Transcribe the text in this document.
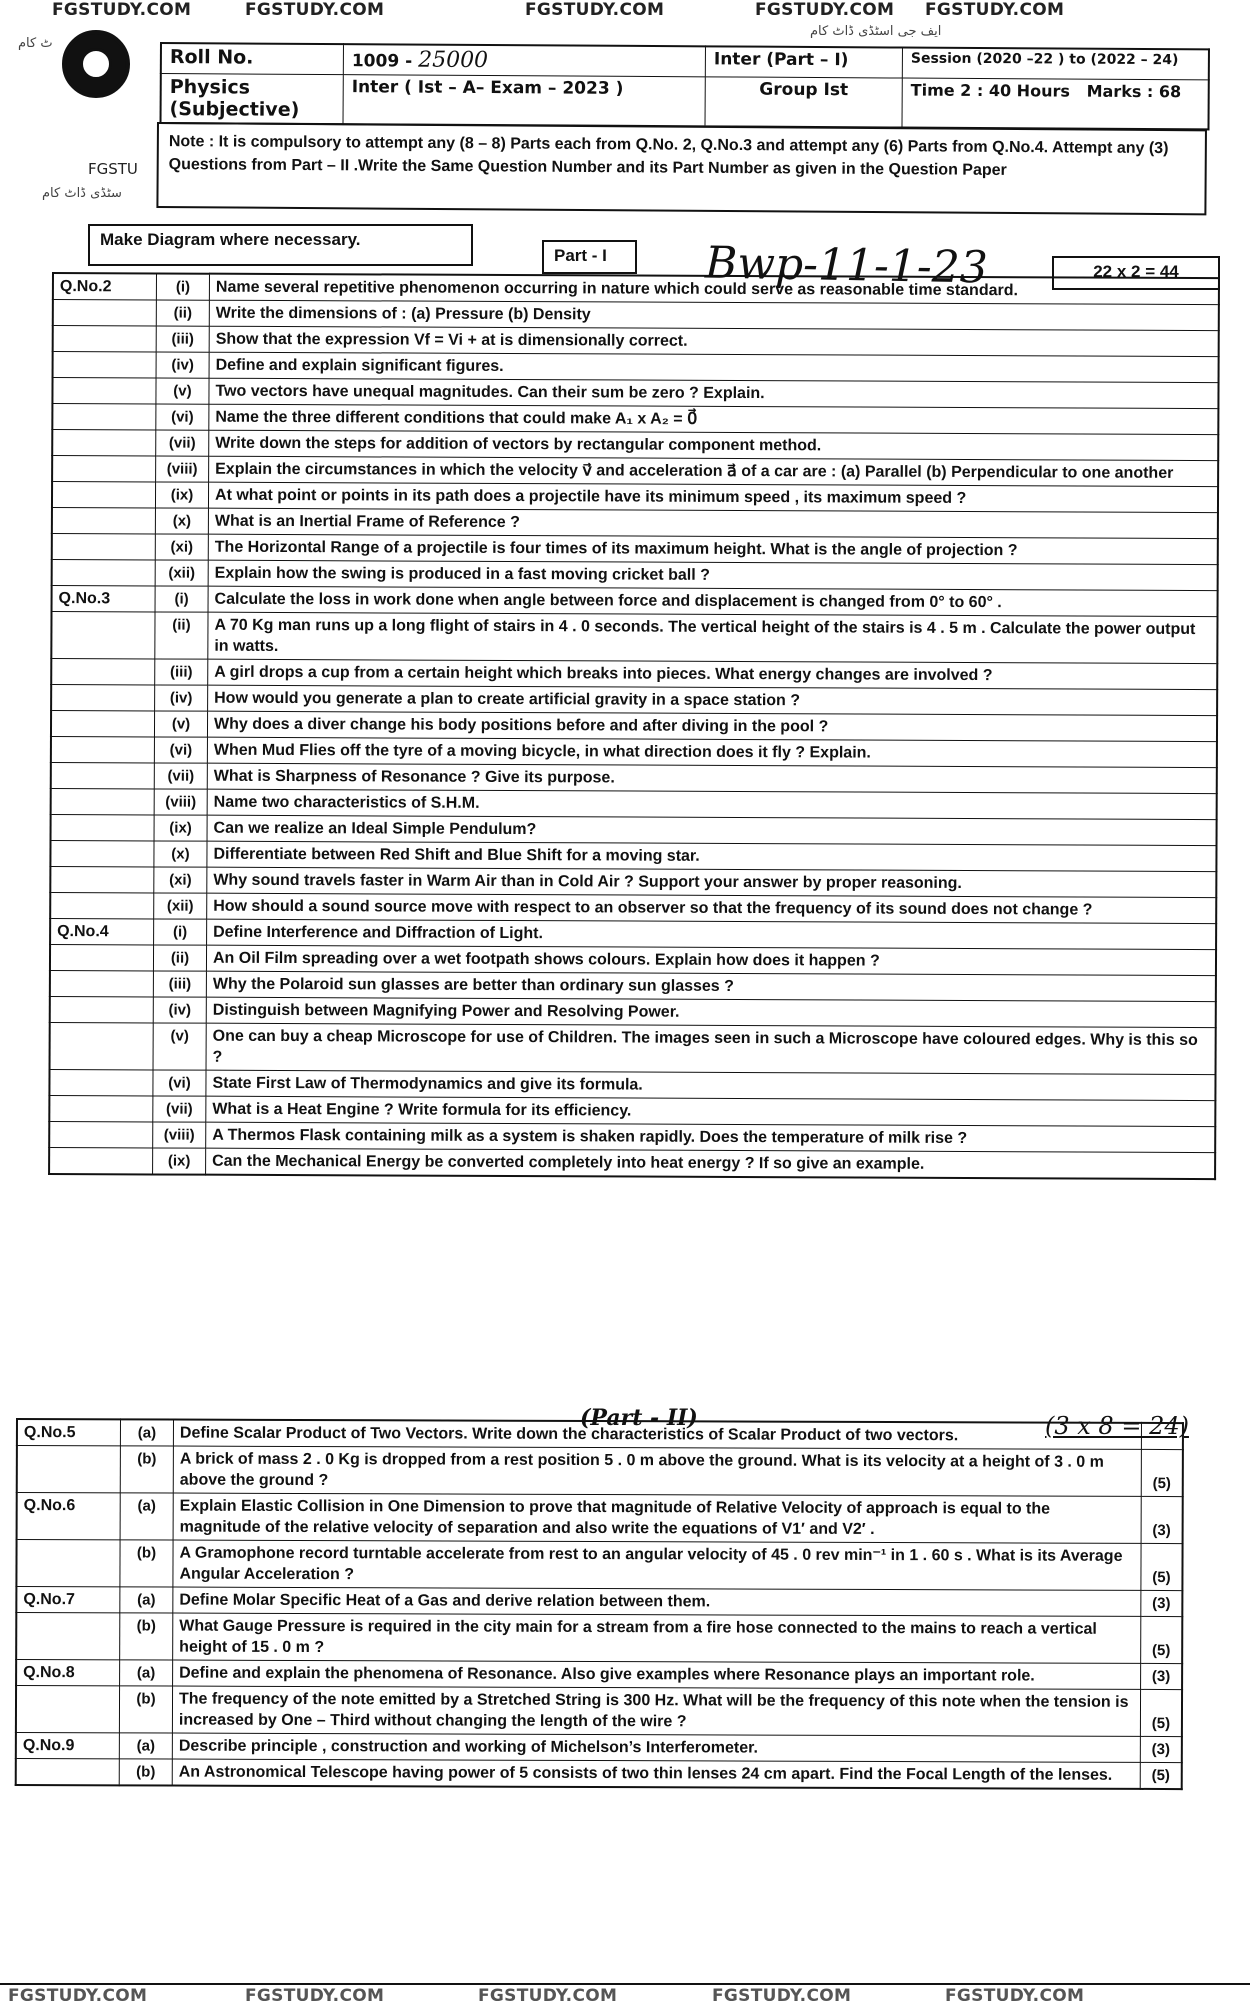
FGSTUDY.COM	FGSTUDY.COM	FGSTUDY.COM	FGSTUDY.COM FGSTUDY.COM
ایف جی اسٹڈی ڈاٹ کام
ٹ کام
Roll No.	1009 - 25000	Inter (Part – I)	Session (2020 –22 ) to (2022 – 24)

Physics
(Subjective)	Inter ( Ist – A– Exam – 2023 )	Group Ist	Time 2 : 40 Hours Marks : 68
Note : It is compulsory to attempt any (8 – 8) Parts each from Q.No. 2, Q.No.3 and attempt any (6) Parts from Q.No.4. Attempt any (3) Questions from Part – II .Write the Same Question Number and its Part Number as given in the Question Paper
FGSTU
سٹڈی ڈاٹ کام
Make Diagram where necessary.
Part - I	Bwp-11-1-23	22 x 2 = 44
Q.No.2	(i)	Name several repetitive phenomenon occurring in nature which could serve as reasonable time standard.
	(ii)	Write the dimensions of : (a) Pressure (b) Density
	(iii)	Show that the expression Vf = Vi + at is dimensionally correct.
	(iv)	Define and explain significant figures.
	(v)	Two vectors have unequal magnitudes. Can their sum be zero ? Explain.
	(vi)	Name the three different conditions that could make A₁ x A₂ = 0⃗
	(vii)	Write down the steps for addition of vectors by rectangular component method.
	(viii)	Explain the circumstances in which the velocity v⃗ and acceleration a⃗ of a car are : (a) Parallel (b) Perpendicular to one another
	(ix)	At what point or points in its path does a projectile have its minimum speed , its maximum speed ?
	(x)	What is an Inertial Frame of Reference ?
	(xi)	The Horizontal Range of a projectile is four times of its maximum height. What is the angle of projection ?
	(xii)	Explain how the swing is produced in a fast moving cricket ball ?
Q.No.3	(i)	Calculate the loss in work done when angle between force and displacement is changed from 0° to 60° .
	(ii)	A 70 Kg man runs up a long flight of stairs in 4 . 0 seconds. The vertical height of the stairs is 4 . 5 m . Calculate the power output in watts.
	(iii)	A girl drops a cup from a certain height which breaks into pieces. What energy changes are involved ?
	(iv)	How would you generate a plan to create artificial gravity in a space station ?
	(v)	Why does a diver change his body positions before and after diving in the pool ?
	(vi)	When Mud Flies off the tyre of a moving bicycle, in what direction does it fly ? Explain.
	(vii)	What is Sharpness of Resonance ? Give its purpose.
	(viii)	Name two characteristics of S.H.M.
	(ix)	Can we realize an Ideal Simple Pendulum?
	(x)	Differentiate between Red Shift and Blue Shift for a moving star.
	(xi)	Why sound travels faster in Warm Air than in Cold Air ? Support your answer by proper reasoning.
	(xii)	How should a sound source move with respect to an observer so that the frequency of its sound does not change ?
Q.No.4	(i)	Define Interference and Diffraction of Light.
	(ii)	An Oil Film spreading over a wet footpath shows colours. Explain how does it happen ?
	(iii)	Why the Polaroid sun glasses are better than ordinary sun glasses ?
	(iv)	Distinguish between Magnifying Power and Resolving Power.
	(v)	One can buy a cheap Microscope for use of Children. The images seen in such a Microscope have coloured edges. Why is this so ?
	(vi)	State First Law of Thermodynamics and give its formula.
	(vii)	What is a Heat Engine ? Write formula for its efficiency.
	(viii)	A Thermos Flask containing milk as a system is shaken rapidly. Does the temperature of milk rise ?
	(ix)	Can the Mechanical Energy be converted completely into heat energy ? If so give an example.
(Part - II)	(3 x 8 = 24)
Q.No.5	(a)	Define Scalar Product of Two Vectors. Write down the characteristics of Scalar Product of two vectors.	
	(b)	A brick of mass 2 . 0 Kg is dropped from a rest position 5 . 0 m above the ground. What is its velocity at a height of 3 . 0 m above the ground ?	(5)
Q.No.6	(a)	Explain Elastic Collision in One Dimension to prove that magnitude of Relative Velocity of approach is equal to the magnitude of the relative velocity of separation and also write the equations of V1′ and V2′ .	(3)
	(b)	A Gramophone record turntable accelerate from rest to an angular velocity of 45 . 0 rev min⁻¹ in 1 . 60 s . What is its Average Angular Acceleration ?	(5)
Q.No.7	(a)	Define Molar Specific Heat of a Gas and derive relation between them.	(3)
	(b)	What Gauge Pressure is required in the city main for a stream from a fire hose connected to the mains to reach a vertical height of 15 . 0 m ?	(5)
Q.No.8	(a)	Define and explain the phenomena of Resonance. Also give examples where Resonance plays an important role.	(3)
	(b)	The frequency of the note emitted by a Stretched String is 300 Hz. What will be the frequency of this note when the tension is increased by One – Third without changing the length of the wire ?	(5)
Q.No.9	(a)	Describe principle , construction and working of Michelson’s Interferometer.	(3)
	(b)	An Astronomical Telescope having power of 5 consists of two thin lenses 24 cm apart. Find the Focal Length of the lenses.	(5)
FGSTUDY.COM	FGSTUDY.COM	FGSTUDY.COM	FGSTUDY.COM	FGSTUDY.COM
